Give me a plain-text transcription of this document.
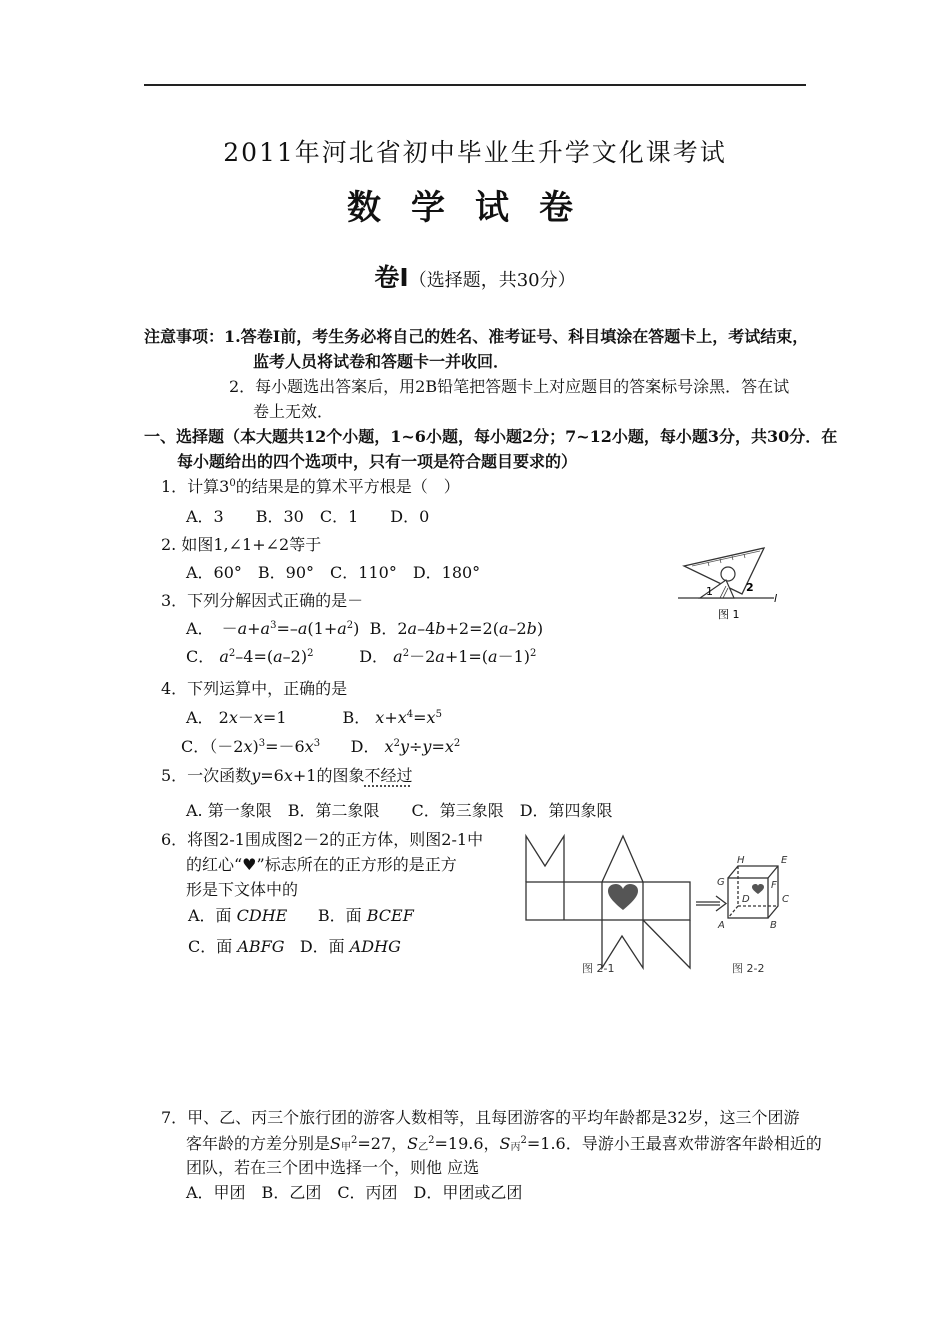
2011年河北省初中毕业生升学文化课考试
数学试卷
卷Ⅰ（选择题，共30分）
注意事项：1.答卷Ⅰ前，考生务必将自己的姓名、准考证号、科目填涂在答题卡上，考试结束，
监考人员将试卷和答题卡一并收回．
2．每小题选出答案后，用2B铅笔把答题卡上对应题目的答案标号涂黑．答在试
卷上无效．
一、选择题（本大题共12个小题，1~6小题，每小题2分；7~12小题，每小题3分，共30分．在
每小题给出的四个选项中，只有一项是符合题目要求的）
1．计算$3^0$的结果是的算术平方根是（　）
A．3　　B．30　C．1　　D．0
2. 如图1,∠1+∠2等于
A．60°　B．90°　C．110°　D．180°
1	2
l
图 1
3．下列分解因式正确的是－
A．　$-a+a^3=-a(1+a^2)$  B．2a–4b+2=2(a–2b)
C． $a^2-4=(a-2)^2$	D． $a^2-2a+1=(a-1)^2$
4．下列运算中，正确的是
A． 2x－x=1           B． $x+x^4=x^5$
C．$(-2x)^3=-6x^3$ D． $x^2y\div y=x^2$
5．一次函数y=6x+1的图象不经过
A. 第一象限　B．第二象限　　C．第三象限　D．第四象限
6．将图2-1围成图2－2的正方体，则图2-1中
的红心“♥”标志所在的正方形的是正方
形是下文体中的
A．面 CDHE B．面 BCEF
C．面 ABFG D．面 ADHG
H	E
G	F
C
D
A	B
图 2-1	图 2-2
7．甲、乙、丙三个旅行团的游客人数相等，且每团游客的平均年龄都是32岁，这三个团游
客年龄的方差分别是$S_甲^2=27$，$S_乙^2=19.6$，$S_丙^2=1.6$．导游小王最喜欢带游客年龄相近的
团队，若在三个团中选择一个，则他 应选
A．甲团　B．乙团　C．丙团　D．甲团或乙团
